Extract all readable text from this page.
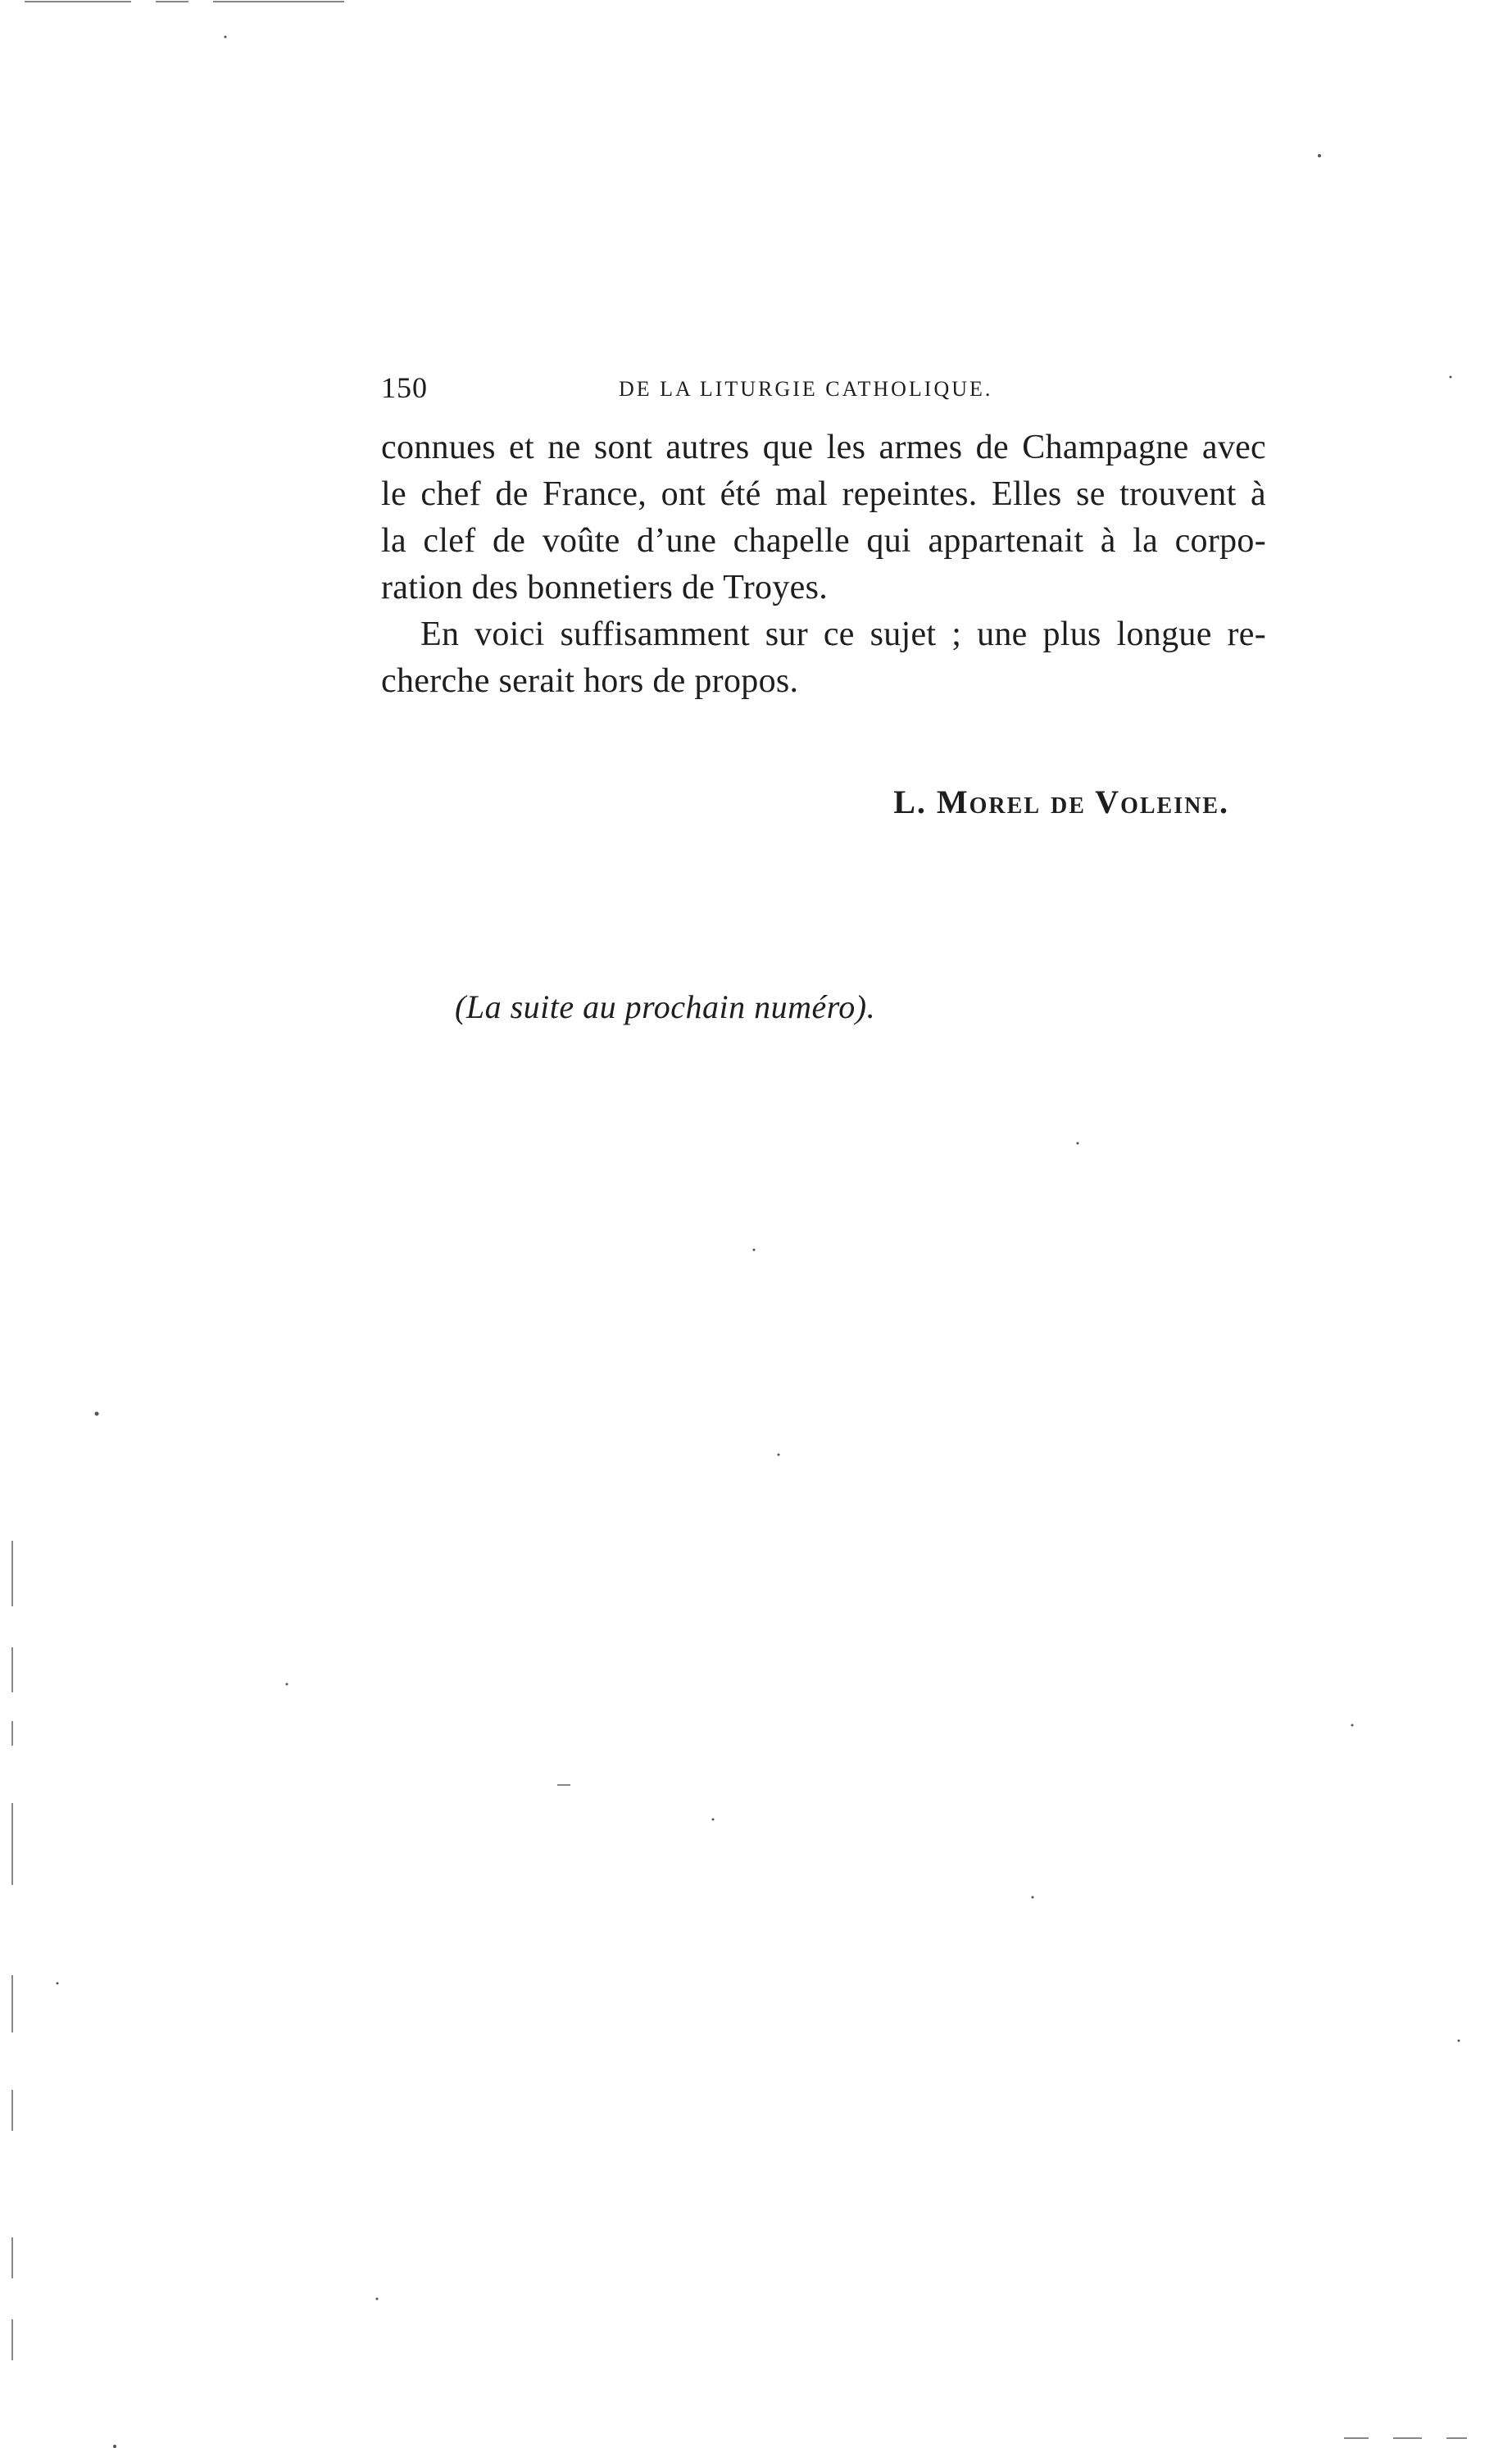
150	DE LA LITURGIE CATHOLIQUE.
connues et ne sont autres que les armes de Champagne avec
le chef de France, ont été mal repeintes. Elles se trouvent à
la clef de voûte d’une chapelle qui appartenait à la corpo-
ration des bonnetiers de Troyes.
En voici suffisamment sur ce sujet ; une plus longue re-
cherche serait hors de propos.
L. Morel de Voleine.
(La suite au prochain numéro).
